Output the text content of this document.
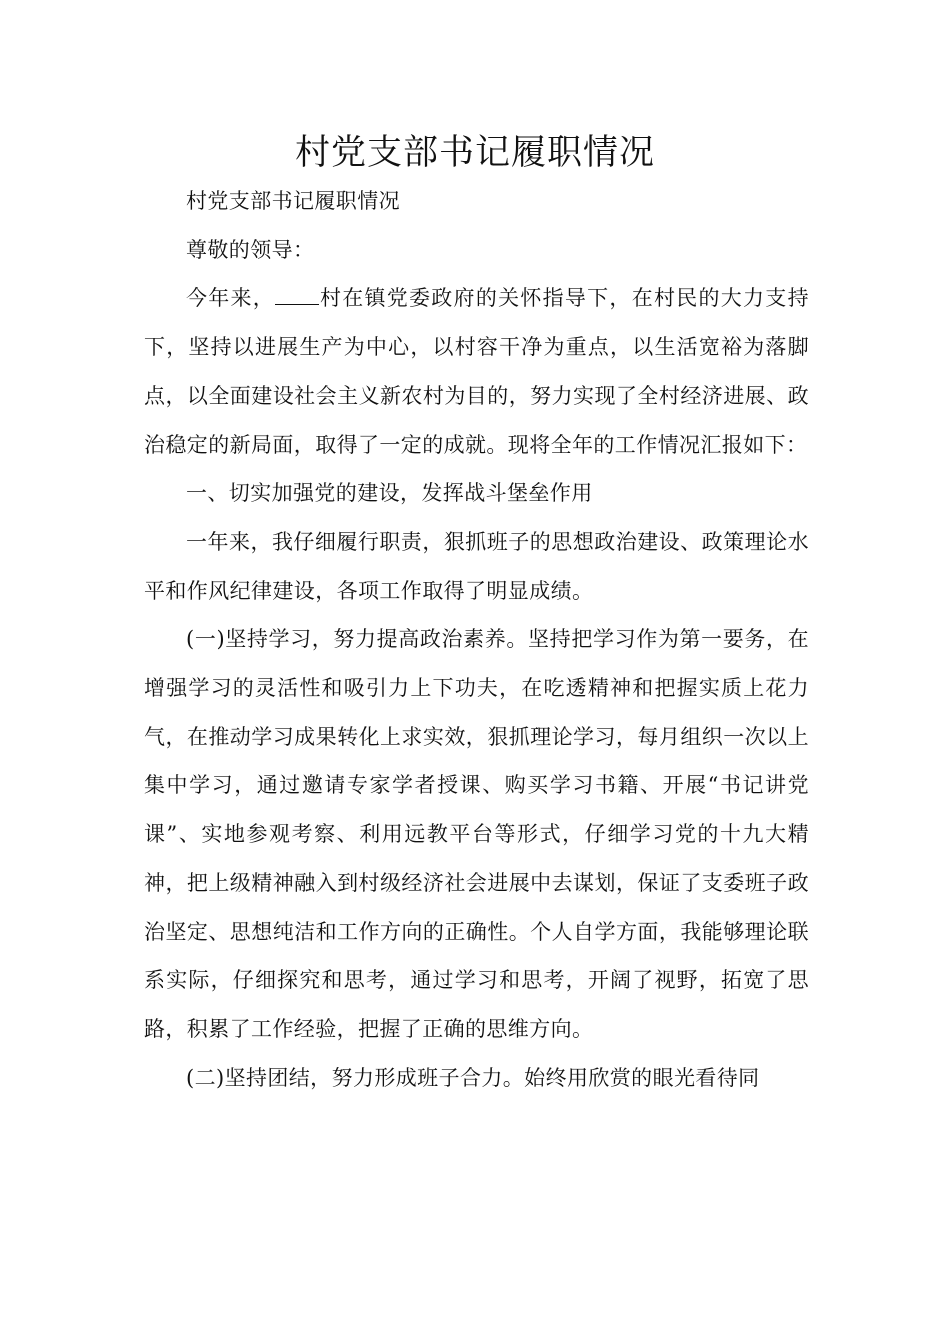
村党支部书记履职情况

村党支部书记履职情况

尊敬的领导：

今年来， 村在镇党委政府的关怀指导下，在村民的大力支持下，坚持以进展生产为中心，以村容干净为重点，以生活宽裕为落脚点，以全面建设社会主义新农村为目的，努力实现了全村经济进展、政治稳定的新局面，取得了一定的成就。现将全年的工作情况汇报如下：

一、切实加强党的建设，发挥战斗堡垒作用

一年来，我仔细履行职责，狠抓班子的思想政治建设、政策理论水平和作风纪律建设，各项工作取得了明显成绩。

(一)坚持学习，努力提高政治素养。坚持把学习作为第一要务，在增强学习的灵活性和吸引力上下功夫，在吃透精神和把握实质上花力气，在推动学习成果转化上求实效，狠抓理论学习，每月组织一次以上集中学习，通过邀请专家学者授课、购买学习书籍、开展“书记讲党课”、实地参观考察、利用远教平台等形式，仔细学习党的十九大精神，把上级精神融入到村级经济社会进展中去谋划，保证了支委班子政治坚定、思想纯洁和工作方向的正确性。个人自学方面，我能够理论联系实际，仔细探究和思考，通过学习和思考，开阔了视野，拓宽了思路，积累了工作经验，把握了正确的思维方向。

(二)坚持团结，努力形成班子合力。始终用欣赏的眼光看待同
